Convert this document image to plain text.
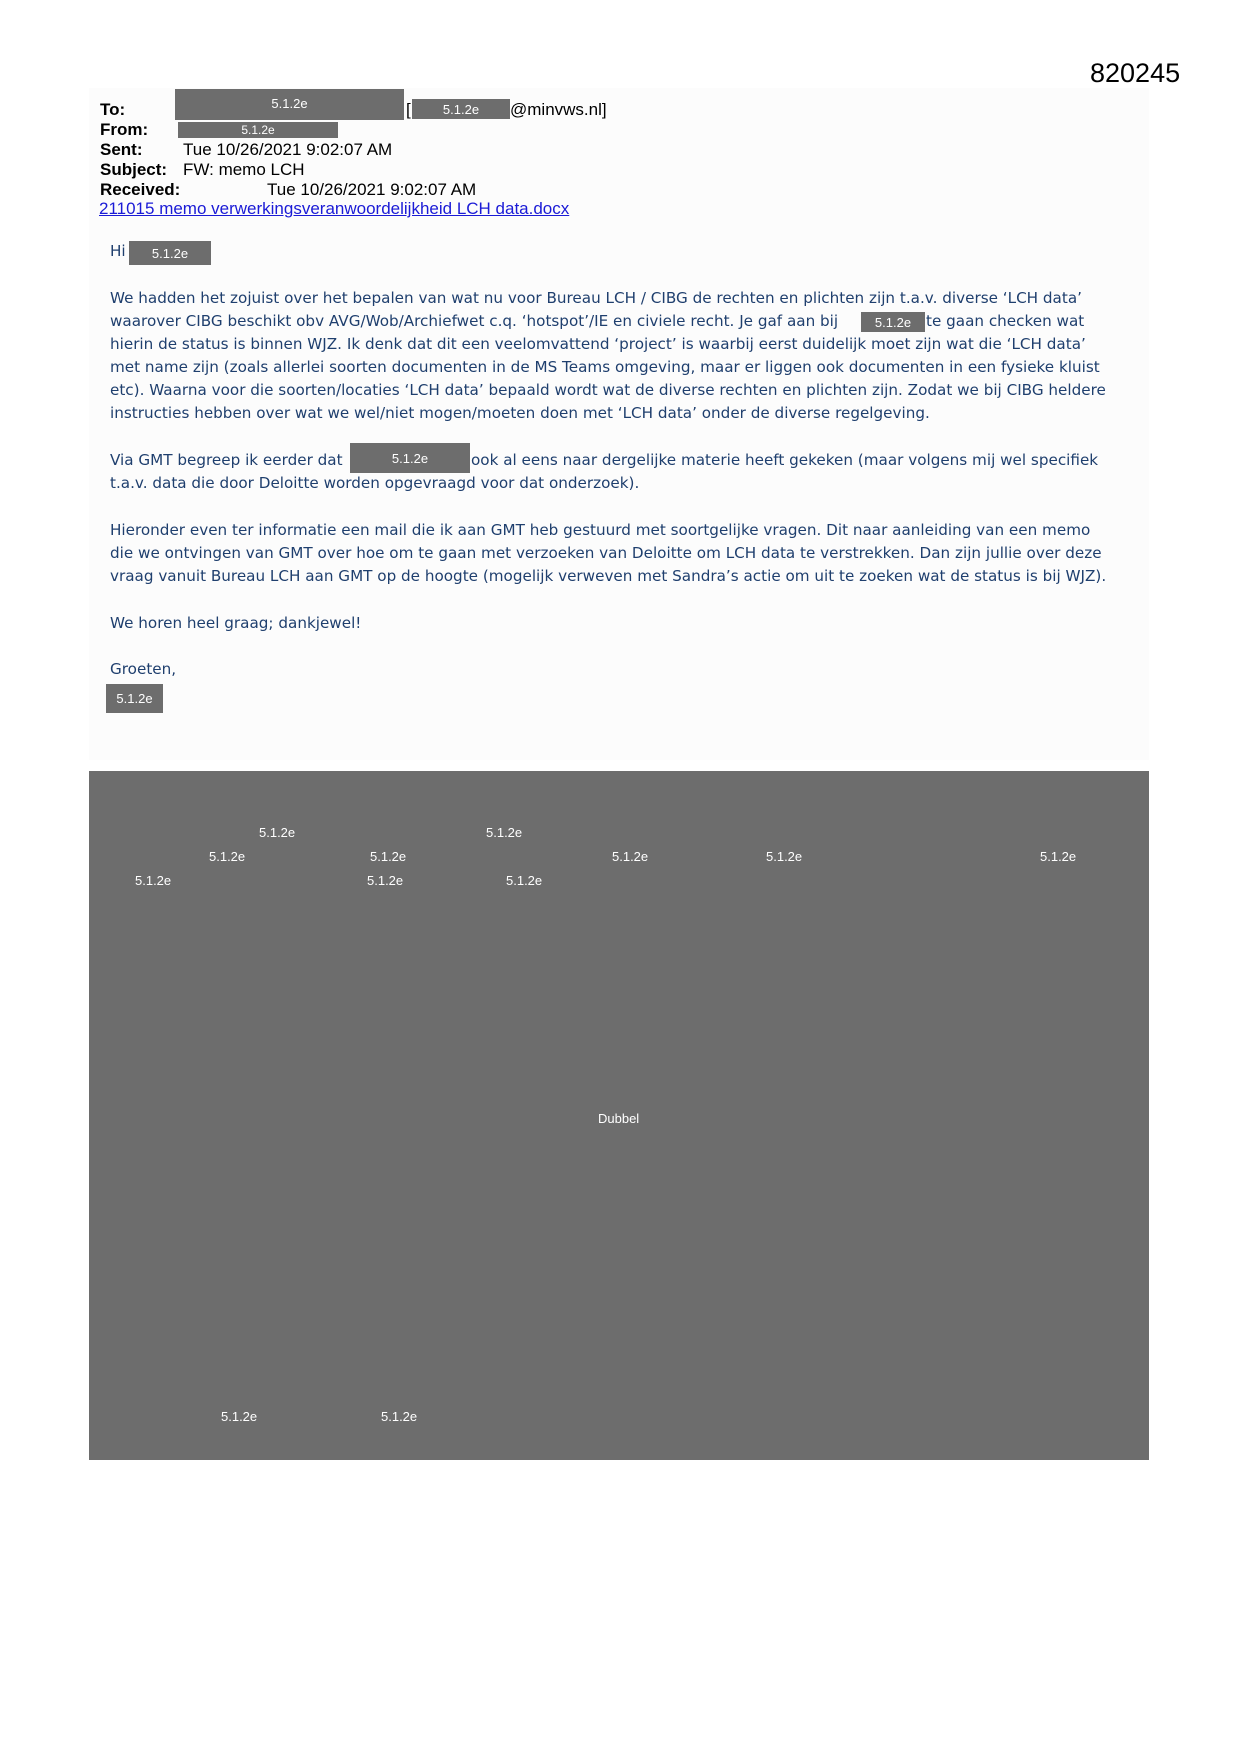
820245
To:	5.1.2e	[	5.1.2e	@minvws.nl]
From:	5.1.2e
Sent: Tue 10/26/2021 9:02:07 AM
Subject: FW: memo LCH
Received:	Tue 10/26/2021 9:02:07 AM
211015 memo verwerkingsveranwoordelijkheid LCH data.docx
Hi	5.1.2e
We hadden het zojuist over het bepalen van wat nu voor Bureau LCH / CIBG de rechten en plichten zijn t.a.v. diverse ‘LCH data’
waarover CIBG beschikt obv AVG/Wob/Archiefwet c.q. ‘hotspot’/IE en civiele recht. Je gaf aan bij	5.1.2e te gaan checken wat
hierin de status is binnen WJZ. Ik denk dat dit een veelomvattend ‘project’ is waarbij eerst duidelijk moet zijn wat die ‘LCH data’
met name zijn (zoals allerlei soorten documenten in de MS Teams omgeving, maar er liggen ook documenten in een fysieke kluist
etc). Waarna voor die soorten/locaties ‘LCH data’ bepaald wordt wat de diverse rechten en plichten zijn. Zodat we bij CIBG heldere
instructies hebben over wat we wel/niet mogen/moeten doen met ‘LCH data’ onder de diverse regelgeving.
Via GMT begreep ik eerder dat	5.1.2e	ook al eens naar dergelijke materie heeft gekeken (maar volgens mij wel specifiek
t.a.v. data die door Deloitte worden opgevraagd voor dat onderzoek).
Hieronder even ter informatie een mail die ik aan GMT heb gestuurd met soortgelijke vragen. Dit naar aanleiding van een memo
die we ontvingen van GMT over hoe om te gaan met verzoeken van Deloitte om LCH data te verstrekken. Dan zijn jullie over deze
vraag vanuit Bureau LCH aan GMT op de hoogte (mogelijk verweven met Sandra’s actie om uit te zoeken wat de status is bij WJZ).
We horen heel graag; dankjewel!
Groeten,
5.1.2e
5.1.2e	5.1.2e
5.1.2e	5.1.2e	5.1.2e	5.1.2e	5.1.2e
5.1.2e	5.1.2e	5.1.2e
Dubbel
5.1.2e	5.1.2e
